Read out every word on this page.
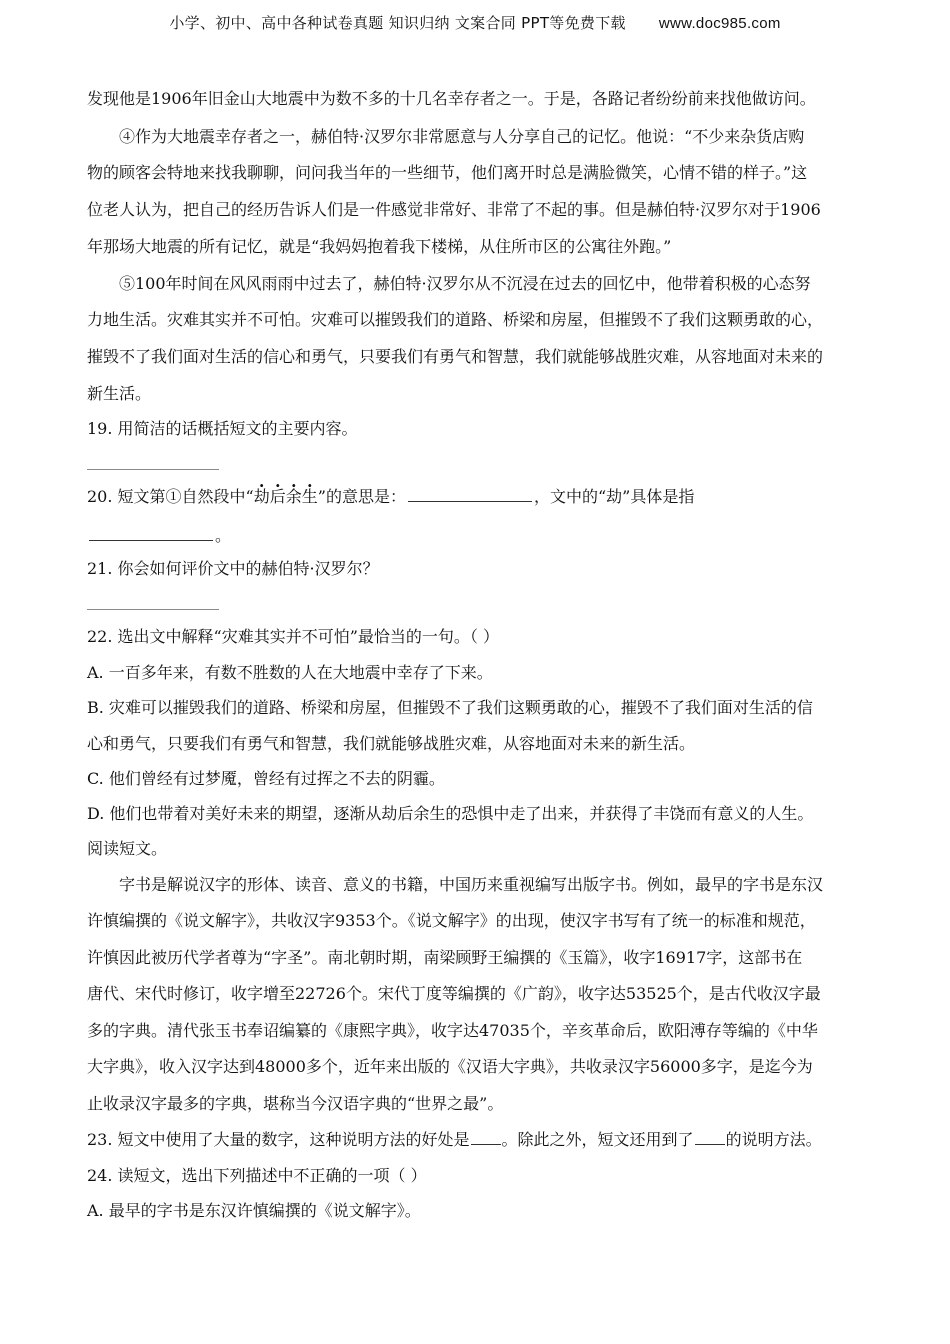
小学、初中、高中各种试卷真题 知识归纳 文案合同 PPT等免费下载 www.doc985.com
发现他是1906年旧金山大地震中为数不多的十几名幸存者之一。于是，各路记者纷纷前来找他做访问。
④作为大地震幸存者之一，赫伯特·汉罗尔非常愿意与人分享自己的记忆。他说：“不少来杂货店购
物的顾客会特地来找我聊聊，问问我当年的一些细节，他们离开时总是满脸微笑，心情不错的样子。”这
位老人认为，把自己的经历告诉人们是一件感觉非常好、非常了不起的事。但是赫伯特·汉罗尔对于1906
年那场大地震的所有记忆，就是“我妈妈抱着我下楼梯，从住所市区的公寓往外跑。”
⑤100年时间在风风雨雨中过去了，赫伯特·汉罗尔从不沉浸在过去的回忆中，他带着积极的心态努
力地生活。灾难其实并不可怕。灾难可以摧毁我们的道路、桥梁和房屋，但摧毁不了我们这颗勇敢的心，
摧毁不了我们面对生活的信心和勇气，只要我们有勇气和智慧，我们就能够战胜灾难，从容地面对未来的
新生活。
19. 用简洁的话概括短文的主要内容。
20. 短文第①自然段中“劫后余生”的意思是：	，文中的“劫”具体是指
。
21. 你会如何评价文中的赫伯特·汉罗尔？
22. 选出文中解释“灾难其实并不可怕”最恰当的一句。（ ）
A. 一百多年来，有数不胜数的人在大地震中幸存了下来。
B. 灾难可以摧毁我们的道路、桥梁和房屋，但摧毁不了我们这颗勇敢的心，摧毁不了我们面对生活的信
心和勇气，只要我们有勇气和智慧，我们就能够战胜灾难，从容地面对未来的新生活。
C. 他们曾经有过梦魇，曾经有过挥之不去的阴霾。
D. 他们也带着对美好未来的期望，逐渐从劫后余生的恐惧中走了出来，并获得了丰饶而有意义的人生。
阅读短文。
字书是解说汉字的形体、读音、意义的书籍，中国历来重视编写出版字书。例如，最早的字书是东汉
许慎编撰的《说文解字》，共收汉字9353个。《说文解字》的出现，使汉字书写有了统一的标准和规范，
许慎因此被历代学者尊为“字圣”。南北朝时期，南梁顾野王编撰的《玉篇》，收字16917字，这部书在
唐代、宋代时修订，收字增至22726个。宋代丁度等编撰的《广韵》，收字达53525个，是古代收汉字最
多的字典。清代张玉书奉诏编纂的《康熙字典》，收字达47035个，辛亥革命后，欧阳溥存等编的《中华
大字典》，收入汉字达到48000多个，近年来出版的《汉语大字典》，共收录汉字56000多字，是迄今为
止收录汉字最多的字典，堪称当今汉语字典的“世界之最”。
23. 短文中使用了大量的数字，这种说明方法的好处是 。除此之外，短文还用到了 的说明方法。
24. 读短文，选出下列描述中不正确的一项（ ）
A. 最早的字书是东汉许慎编撰的《说文解字》。
